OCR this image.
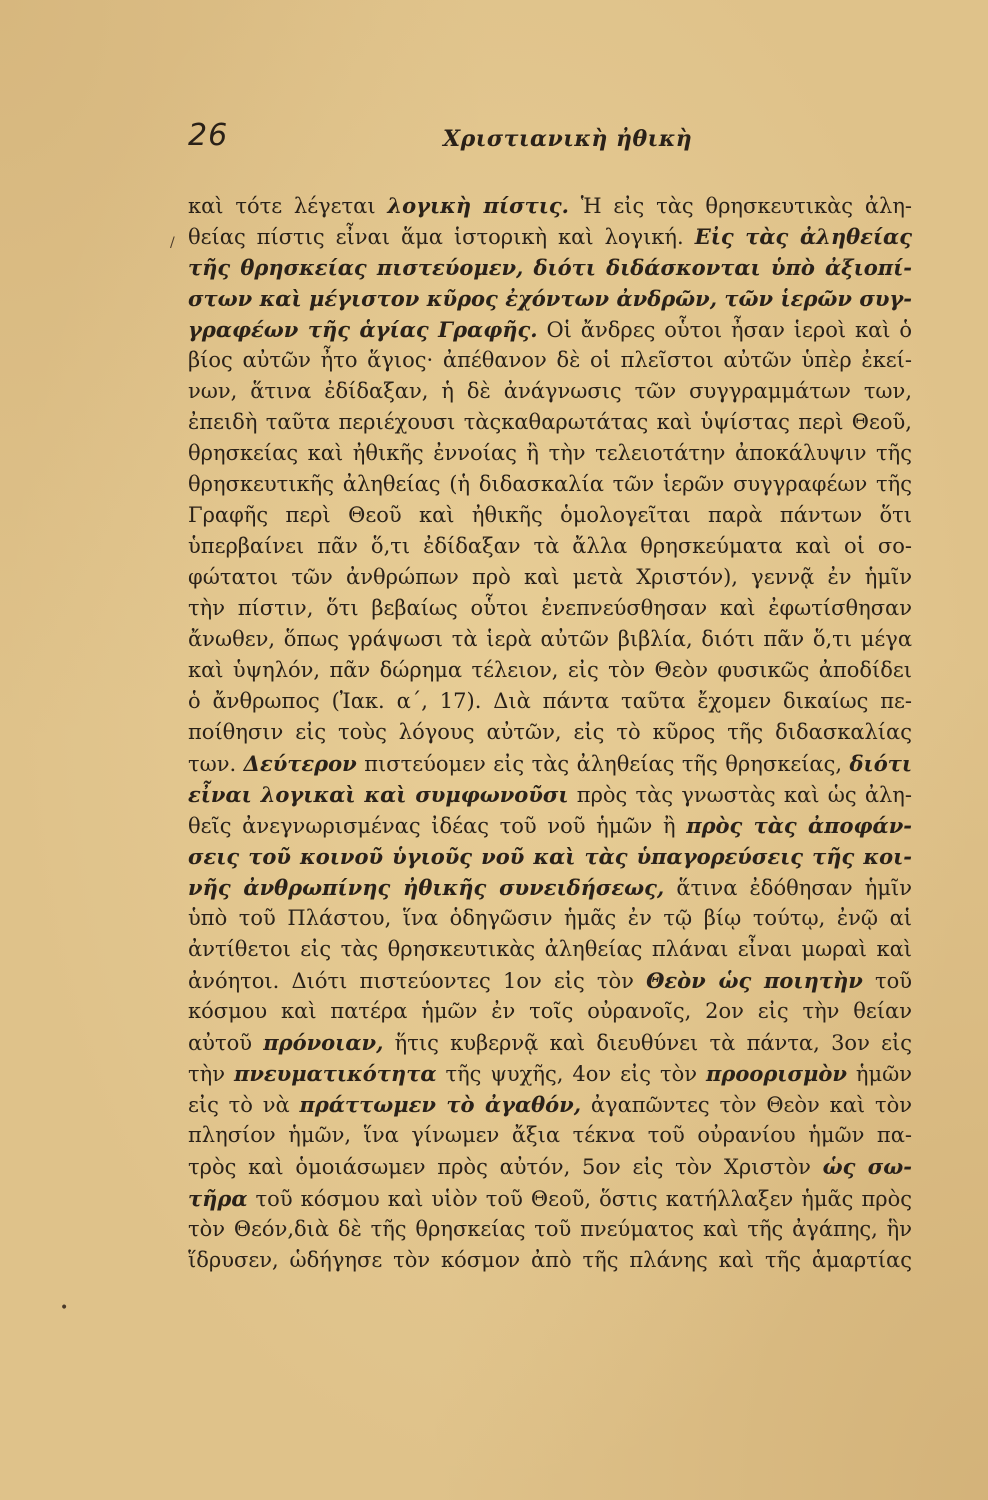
26	Χριστιανικὴ ἠθικὴ
καὶ τότε λέγεται λογικὴ πίστις. Ἡ εἰς τὰς θρησκευτικὰς ἀλη-
θείας πίστις εἶναι ἅμα ἱστορικὴ καὶ λογική. Εἰς τὰς ἀληθείας
τῆς θρησκείας πιστεύομεν, διότι διδάσκονται ὑπὸ ἀξιοπί-
στων καὶ μέγιστον κῦρος ἐχόντων ἀνδρῶν, τῶν ἱερῶν συγ-
γραφέων τῆς ἁγίας Γραφῆς. Οἱ ἄνδρες οὗτοι ἦσαν ἱεροὶ καὶ ὁ
βίος αὐτῶν ἦτο ἅγιος· ἀπέθανον δὲ οἱ πλεῖστοι αὐτῶν ὑπὲρ ἐκεί-
νων, ἅτινα ἐδίδαξαν, ἡ δὲ ἀνάγνωσις τῶν συγγραμμάτων των,
ἐπειδὴ ταῦτα περιέχουσι τὰςκαθαρωτάτας καὶ ὑψίστας περὶ Θεοῦ,
θρησκείας καὶ ἠθικῆς ἐννοίας ἢ τὴν τελειοτάτην ἀποκάλυψιν τῆς
θρησκευτικῆς ἀληθείας (ἡ διδασκαλία τῶν ἱερῶν συγγραφέων τῆς
Γραφῆς περὶ Θεοῦ καὶ ἠθικῆς ὁμολογεῖται παρὰ πάντων ὅτι
ὑπερβαίνει πᾶν ὅ,τι ἐδίδαξαν τὰ ἄλλα θρησκεύματα καὶ οἱ σο-
φώτατοι τῶν ἀνθρώπων πρὸ καὶ μετὰ Χριστόν), γεννᾷ ἐν ἡμῖν
τὴν πίστιν, ὅτι βεβαίως οὗτοι ἐνεπνεύσθησαν καὶ ἐφωτίσθησαν
ἄνωθεν, ὅπως γράψωσι τὰ ἱερὰ αὐτῶν βιβλία, διότι πᾶν ὅ,τι μέγα
καὶ ὑψηλόν, πᾶν δώρημα τέλειον, εἰς τὸν Θεὸν φυσικῶς ἀποδίδει
ὁ ἄνθρωπος (Ἰακ. α΄, 17). Διὰ πάντα ταῦτα ἔχομεν δικαίως πε-
ποίθησιν εἰς τοὺς λόγους αὐτῶν, εἰς τὸ κῦρος τῆς διδασκαλίας
των. Δεύτερον πιστεύομεν εἰς τὰς ἀληθείας τῆς θρησκείας, διότι
εἶναι λογικαὶ καὶ συμφωνοῦσι πρὸς τὰς γνωστὰς καὶ ὡς ἀλη-
θεῖς ἀνεγνωρισμένας ἰδέας τοῦ νοῦ ἡμῶν ἢ πρὸς τὰς ἀποφάν-
σεις τοῦ κοινοῦ ὑγιοῦς νοῦ καὶ τὰς ὑπαγορεύσεις τῆς κοι-
νῆς ἀνθρωπίνης ἠθικῆς συνειδήσεως, ἅτινα ἐδόθησαν ἡμῖν
ὑπὸ τοῦ Πλάστου, ἵνα ὁδηγῶσιν ἡμᾶς ἐν τῷ βίῳ τούτῳ, ἐνῷ αἱ
ἀντίθετοι εἰς τὰς θρησκευτικὰς ἀληθείας πλάναι εἶναι μωραὶ καὶ
ἀνόητοι. Διότι πιστεύοντες 1ον εἰς τὸν Θεὸν ὡς ποιητὴν τοῦ
κόσμου καὶ πατέρα ἡμῶν ἐν τοῖς οὐρανοῖς, 2ον εἰς τὴν θείαν
αὐτοῦ πρόνοιαν, ἥτις κυβερνᾷ καὶ διευθύνει τὰ πάντα, 3ον εἰς
τὴν πνευματικότητα τῆς ψυχῆς, 4ον εἰς τὸν προορισμὸν ἡμῶν
εἰς τὸ νὰ πράττωμεν τὸ ἀγαθόν, ἀγαπῶντες τὸν Θεὸν καὶ τὸν
πλησίον ἡμῶν, ἵνα γίνωμεν ἄξια τέκνα τοῦ οὐρανίου ἡμῶν πα-
τρὸς καὶ ὁμοιάσωμεν πρὸς αὐτόν, 5ον εἰς τὸν Χριστὸν ὡς σω-
τῆρα τοῦ κόσμου καὶ υἱὸν τοῦ Θεοῦ, ὅστις κατήλλαξεν ἡμᾶς πρὸς
τὸν Θεόν,διὰ δὲ τῆς θρησκείας τοῦ πνεύματος καὶ τῆς ἀγάπης, ἣν
ἵδρυσεν, ὡδήγησε τὸν κόσμον ἀπὸ τῆς πλάνης καὶ τῆς ἁμαρτίας
/
•
